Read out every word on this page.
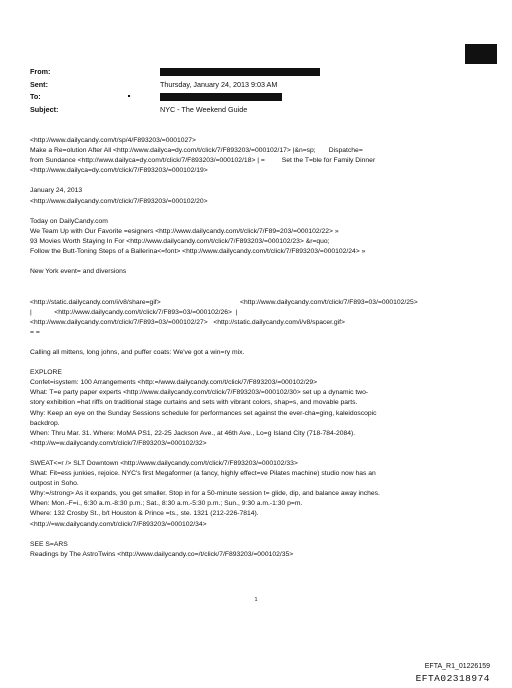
From:
Sent:	Thursday, January 24, 2013 9:03 AM
To:
Subject:	NYC - The Weekend Guide

<http://www.dailycandy.com/t/sp/4/F893203/=0001027>
Make a Re=olution After All <http://www.dailyca=dy.com/t/click/7/F893203/=000102/17> |&n=sp;       Dispatche=
from Sundance <http://www.dailyca=dy.com/t/click/7/F893203/=000102/18> | =         Set the T=ble for Family Dinner
<http://www.dailyca=dy.com/t/click/7/F893203/=000102/19>

January 24, 2013
<http://www.dailycandy.com/t/click/7/F893203/=000102/20>

Today on DailyCandy.com
We Team Up with Our Favorite =esigners <http://www.dailycandy.com/t/click/7/F89=203/=000102/22> »
93 Movies Worth Staying In For <http://www.dailycandy.com/t/click/7/F893203/=000102/23> &r=quo;
Follow the Butt-Toning Steps of a Ballerina<=font> <http://www.dailycandy.com/t/click/7/F893203/=000102/24> »

New York event= and diversions

<http://static.dailycandy.com/i/v8/share=gif>	<http://www.dailycandy.com/t/click/7/F893=03/=000102/25>

|            <http://www.dailycandy.com/t/click/7/F893=03/=000102/26>  |
<http://www.dailycandy.com/t/click/7/F893=03/=000102/27>   <http://static.dailycandy.com/i/v8/spacer.gif>
= =

Calling all mittens, long johns, and puffer coats: We've got a win=ry mix.

EXPLORE
Confet=isystem: 100 Arrangements <http:=/www.dailycandy.com/t/click/7/F893203/=000102/29>
What: T=e party paper experts <http://www.dailycandy.com/t/click/7/F893203/=000102/30> set up a dynamic two-
story exhibition =hat riffs on traditional stage curtains and sets with vibrant colors, shap=s, and movable parts.
Why: Keep an eye on the Sunday Sessions schedule for performances set against the ever-cha=ging, kaleidoscopic
backdrop.
When: Thru Mar. 31. Where: MoMA PS1, 22-25 Jackson Ave., at 46th Ave., Lo=g Island City (718-784-2084).
<http://w=w.dailycandy.com/t/click/7/F893203/=000102/32>

SWEAT<=r /> SLT Downtown <http://www.dailycandy.com/t/click/7/F893203/=000102/33>
What: Fit=ess junkies, rejoice. NYC's first Megaformer (a fancy, highly effect=ve Pilates machine) studio now has an
outpost in Soho.
Why:=/strong> As it expands, you get smaller. Stop in for a 50-minute session t= glide, dip, and balance away inches.
When: Mon.-F=i., 6:30 a.m.-8:30 p.m.; Sat., 8:30 a.m.-5:30 p.m.; Sun., 9:30 a.m.-1:30 p=m.
Where: 132 Crosby St., b/t Houston & Prince =ts., ste. 1321 (212-226-7814).
<http://=ww.dailycandy.com/t/click/7/F893203/=000102/34>

SEE S=ARS
Readings by The AstroTwins <http://www.dailycandy.co=/t/click/7/F893203/=000102/35>

1
EFTA_R1_01226159
EFTA02318974
